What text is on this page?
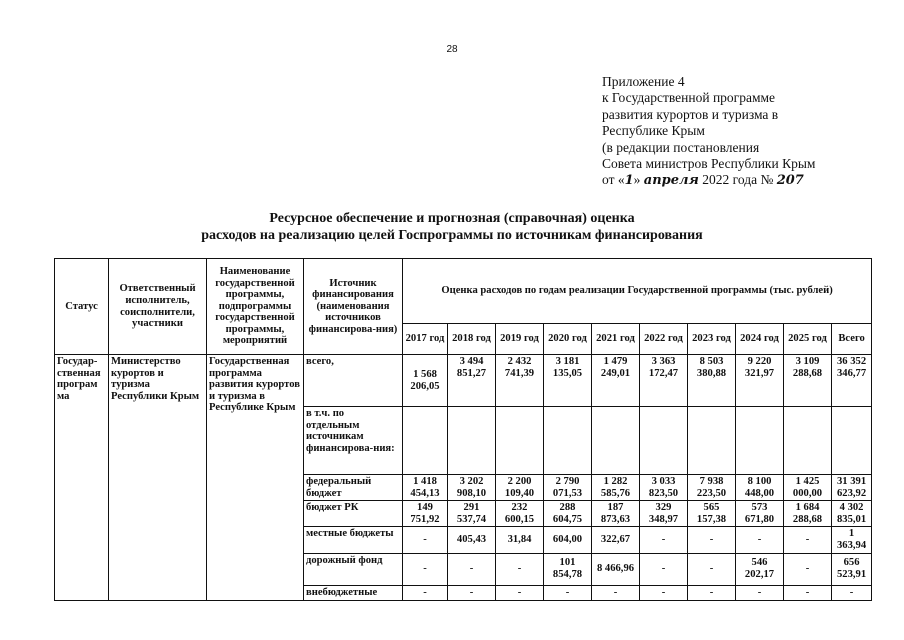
28
Приложение 4
к Государственной программе
развития курортов и туризма в
Республике Крым
(в редакции постановления
Совета министров Республики Крым
от «1» апреля 2022 года № 207
Ресурсное обеспечение и прогнозная (справочная) оценка
расходов на реализацию целей Госпрограммы по источникам финансирования
Статус	Ответственный исполнитель, соисполнители, участники	Наименование государственной программы, подпрограммы государственной программы, мероприятий	Источник финансирования (наименования источников финансирова-ния)	Оценка расходов по годам реализации Государственной программы (тыс. рублей)									
				2017 год	2018 год	2019 год	2020 год	2021 год	2022 год	2023 год	2024 год	2025 год	Всего
Государ-ственная програм ма	Министерство курортов и туризма Республики Крым	Государственная программа развития курортов и туризма в Республике Крым	всего,	1 568 206,05	3 494 851,27	2 432 741,39	3 181 135,05	1 479 249,01	3 363 172,47	8 503 380,88	9 220 321,97	3 109 288,68	36 352 346,77
			в т.ч. по отдельным источникам финансирова-ния:										
			федеральный бюджет	1 418 454,13	3 202 908,10	2 200 109,40	2 790 071,53	1 282 585,76	3 033 823,50	7 938 223,50	8 100 448,00	1 425 000,00	31 391 623,92
			бюджет РК	149 751,92	291 537,74	232 600,15	288 604,75	187 873,63	329 348,97	565 157,38	573 671,80	1 684 288,68	4 302 835,01
			местные бюджеты	-	405,43	31,84	604,00	322,67	-	-	-	-	1 363,94
			дорожный фонд	-	-	-	101 854,78	8 466,96	-	-	546 202,17	-	656 523,91
			внебюджетные	-	-	-	-	-	-	-	-	-	-
